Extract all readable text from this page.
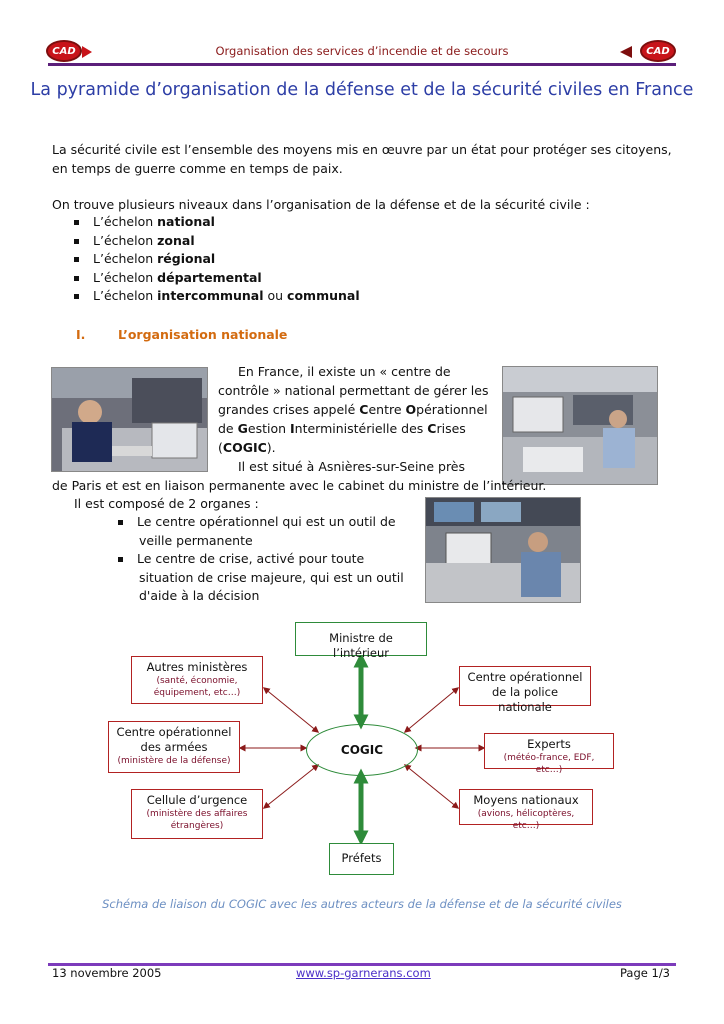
CAD	Organisation des services d’incendie et de secours	CAD
La pyramide d’organisation de la défense et de la sécurité civiles en France
La sécurité civile est l’ensemble des moyens mis en œuvre par un état pour protéger ses citoyens,
en temps de guerre comme en temps de paix.
On trouve plusieurs niveaux dans l’organisation de la défense et de la sécurité civile :
L’échelon national
L’échelon zonal
L’échelon régional
L’échelon départemental
L’échelon intercommunal ou communal
I.	L’organisation nationale
En France, il existe un « centre de
contrôle » national permettant de gérer les
grandes crises appelé Centre Opérationnel
de Gestion Interministérielle des Crises
(COGIC).
Il est situé à Asnières-sur-Seine près
de Paris et est en liaison permanente avec le cabinet du ministre de l’intérieur.
Il est composé de 2 organes :
Le centre opérationnel qui est un outil de
veille permanente
Le centre de crise, activé pour toute
situation de crise majeure, qui est un outil
d'aide à la décision
Ministre de l’intérieur
COGIC
Préfets
Autres ministères
(santé, économie,
équipement, etc…)
Centre opérationnel
des armées
(ministère de la défense)
Cellule d’urgence
(ministère des affaires
étrangères)
Centre opérationnel
de la police nationale
Experts
(météo-france, EDF, etc…)
Moyens nationaux
(avions, hélicoptères, etc…)
Schéma de liaison du COGIC avec les autres acteurs de la défense et de la sécurité civiles
13 novembre 2005	www.sp-garnerans.com	Page 1/3
